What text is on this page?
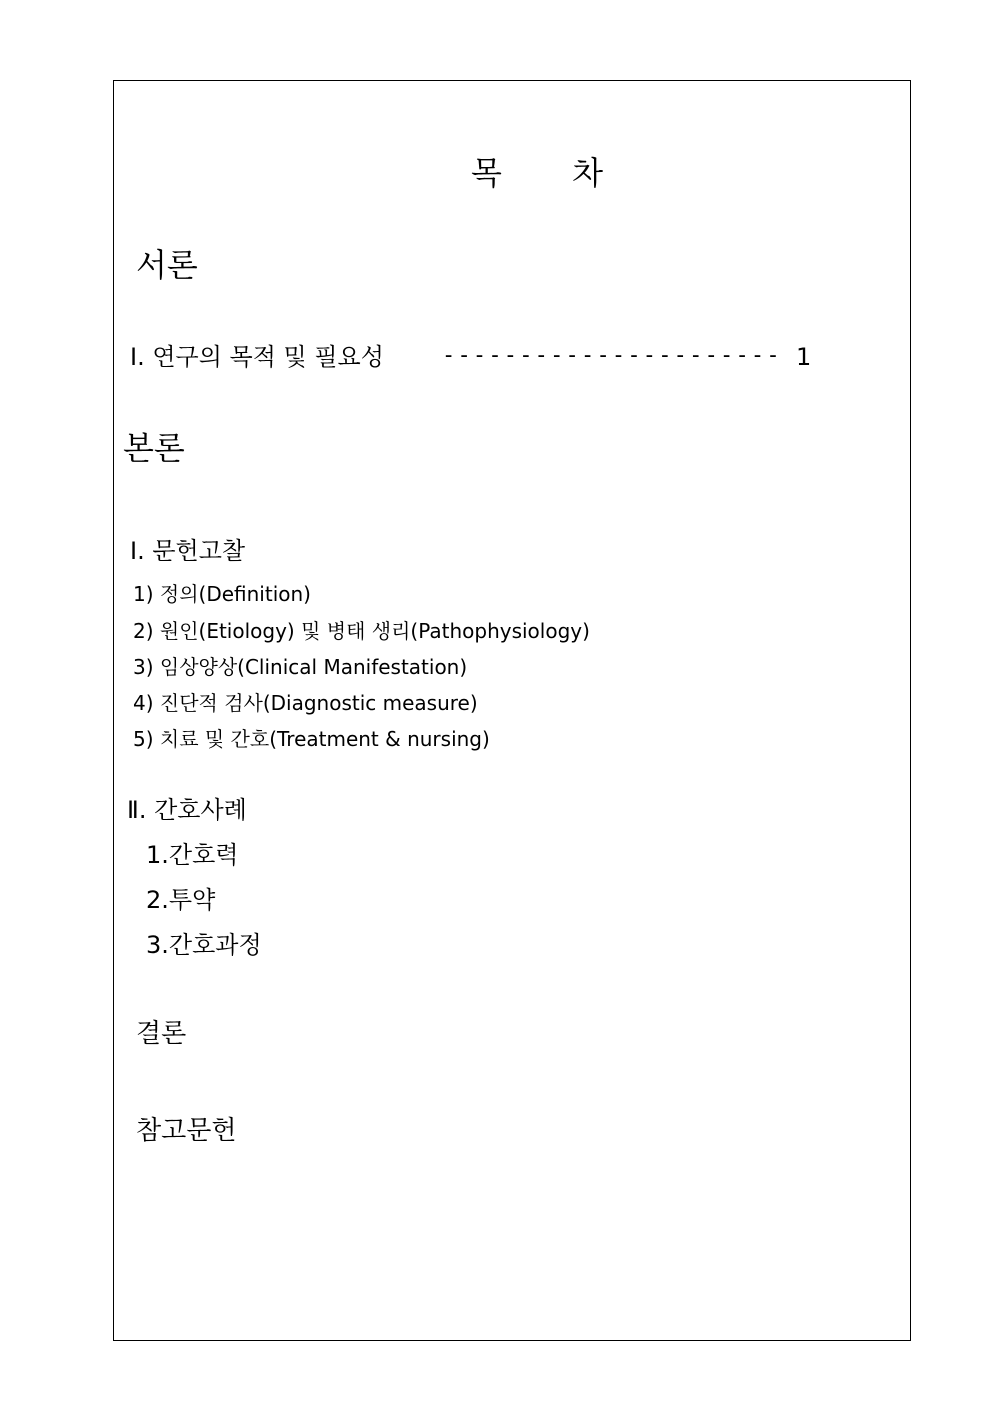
목 차
서론
Ⅰ. 연구의 목적 및 필요성	---------------------- 1
본론
Ⅰ. 문헌고찰
1) 정의(Definition)
2) 원인(Etiology) 및 병태 생리(Pathophysiology)
3) 임상양상(Clinical Manifestation)
4) 진단적 검사(Diagnostic measure)
5) 치료 및 간호(Treatment & nursing)
Ⅱ. 간호사례
1.간호력
2.투약
3.간호과정
결론
참고문헌
